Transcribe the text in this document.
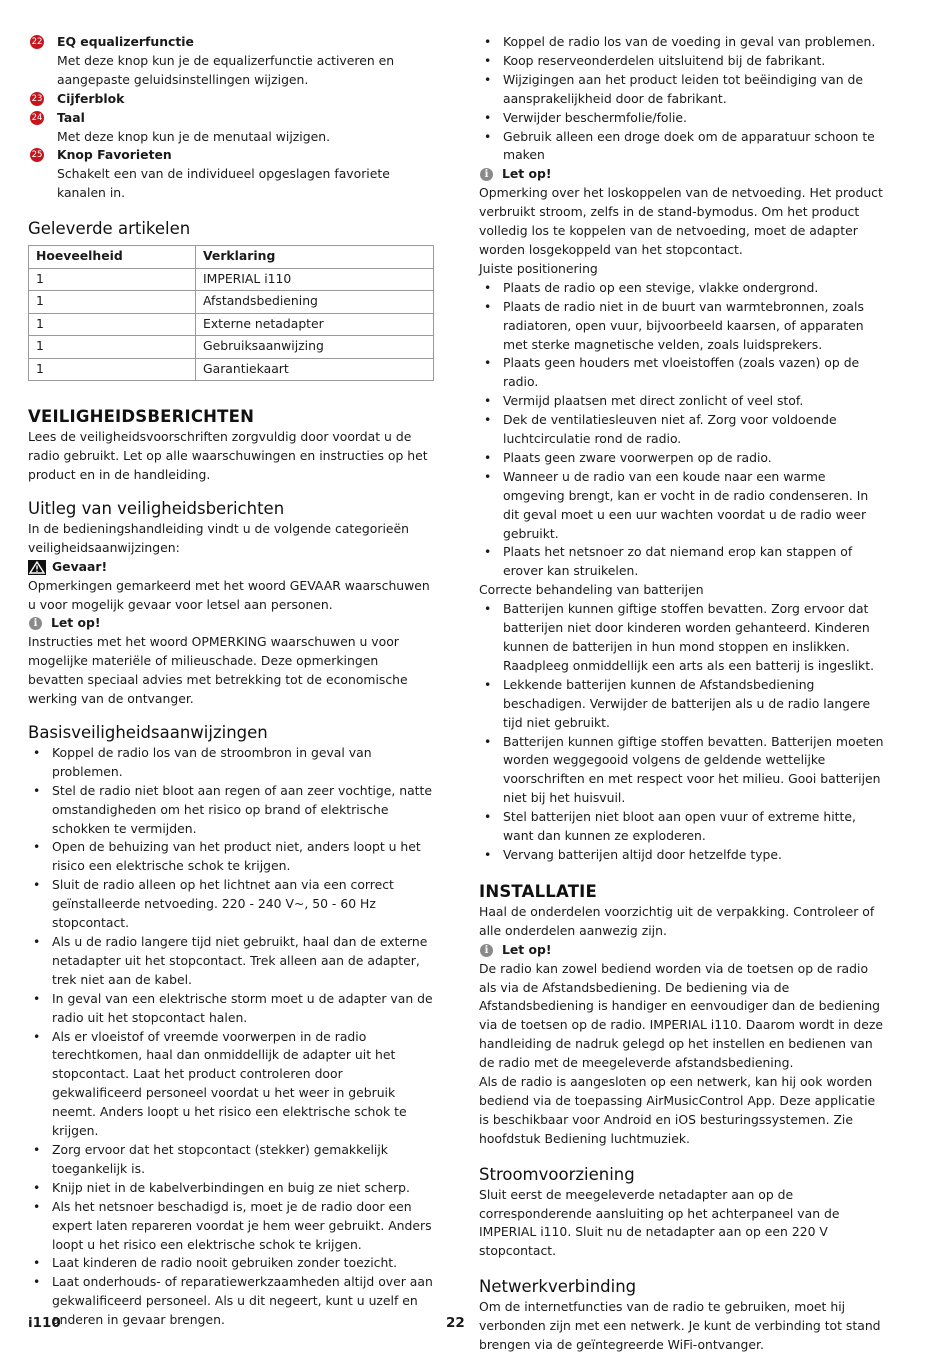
22 EQ equalizerfunctie

Met deze knop kun je de equalizerfunctie activeren en aangepaste geluidsinstellingen wijzigen.

23 Cijferblok

24 Taal

Met deze knop kun je de menutaal wijzigen.

25 Knop Favorieten

Schakelt een van de individueel opgeslagen favoriete kanalen in.

Geleverde artikelen
Hoeveelheid	Verklaring
1	IMPERIAL i110
1	Afstandsbediening
1	Externe netadapter
1	Gebruiksaanwijzing
1	Garantiekaart
VEILIGHEIDSBERICHTEN

Lees de veiligheidsvoorschriften zorgvuldig door voordat u de radio gebruikt. Let op alle waarschuwingen en instructies op het product en in de handleiding.

Uitleg van veiligheidsberichten

In de bedieningshandleiding vindt u de volgende categorieën veiligheidsaanwijzingen:

Gevaar!

Opmerkingen gemarkeerd met het woord GEVAAR waarschuwen u voor mogelijk gevaar voor letsel aan personen.

i	Let op!

Instructies met het woord OPMERKING waarschuwen u voor mogelijke materiële of milieuschade. Deze opmerkingen bevatten speciaal advies met betrekking tot de economische werking van de ontvanger.

Basisveiligheidsaanwijzingen
• Koppel de radio los van de stroombron in geval van problemen.
• Stel de radio niet bloot aan regen of aan zeer vochtige, natte omstandigheden om het risico op brand of elektrische schokken te vermijden.
• Open de behuizing van het product niet, anders loopt u het risico een elektrische schok te krijgen.
• Sluit de radio alleen op het lichtnet aan via een correct geïnstalleerde netvoeding. 220 - 240 V~, 50 - 60 Hz stopcontact.
• Als u de radio langere tijd niet gebruikt, haal dan de externe netadapter uit het stopcontact. Trek alleen aan de adapter, trek niet aan de kabel.
• In geval van een elektrische storm moet u de adapter van de radio uit het stopcontact halen.
• Als er vloeistof of vreemde voorwerpen in de radio terechtkomen, haal dan onmiddellijk de adapter uit het stopcontact. Laat het product controleren door gekwalificeerd personeel voordat u het weer in gebruik neemt. Anders loopt u het risico een elektrische schok te krijgen.
• Zorg ervoor dat het stopcontact (stekker) gemakkelijk toegankelijk is.
• Knijp niet in de kabelverbindingen en buig ze niet scherp.
• Als het netsnoer beschadigd is, moet je de radio door een expert laten repareren voordat je hem weer gebruikt. Anders loopt u het risico een elektrische schok te krijgen.
• Laat kinderen de radio nooit gebruiken zonder toezicht.
• Laat onderhouds- of reparatiewerkzaamheden altijd over aan gekwalificeerd personeel. Als u dit negeert, kunt u uzelf en anderen in gevaar brengen.
• Koppel de radio los van de voeding in geval van problemen.
• Koop reserveonderdelen uitsluitend bij de fabrikant.
• Wijzigingen aan het product leiden tot beëindiging van de aansprakelijkheid door de fabrikant.
• Verwijder beschermfolie/folie.
• Gebruik alleen een droge doek om de apparatuur schoon te maken

i	Let op!

Opmerking over het loskoppelen van de netvoeding. Het product verbruikt stroom, zelfs in de stand-bymodus. Om het product volledig los te koppelen van de netvoeding, moet de adapter worden losgekoppeld van het stopcontact.

Juiste positionering

• Plaats de radio op een stevige, vlakke ondergrond.
• Plaats de radio niet in de buurt van warmtebronnen, zoals radiatoren, open vuur, bijvoorbeeld kaarsen, of apparaten met sterke magnetische velden, zoals luidsprekers.
• Plaats geen houders met vloeistoffen (zoals vazen) op de radio.
• Vermijd plaatsen met direct zonlicht of veel stof.
• Dek de ventilatiesleuven niet af. Zorg voor voldoende luchtcirculatie rond de radio.
• Plaats geen zware voorwerpen op de radio.
• Wanneer u de radio van een koude naar een warme omgeving brengt, kan er vocht in de radio condenseren. In dit geval moet u een uur wachten voordat u de radio weer gebruikt.
• Plaats het netsnoer zo dat niemand erop kan stappen of erover kan struikelen.

Correcte behandeling van batterijen

• Batterijen kunnen giftige stoffen bevatten. Zorg ervoor dat batterijen niet door kinderen worden gehanteerd. Kinderen kunnen de batterijen in hun mond stoppen en inslikken. Raadpleeg onmiddellijk een arts als een batterij is ingeslikt.
• Lekkende batterijen kunnen de Afstandsbediening beschadigen. Verwijder de batterijen als u de radio langere tijd niet gebruikt.
• Batterijen kunnen giftige stoffen bevatten. Batterijen moeten worden weggegooid volgens de geldende wettelijke voorschriften en met respect voor het milieu. Gooi batterijen niet bij het huisvuil.
• Stel batterijen niet bloot aan open vuur of extreme hitte, want dan kunnen ze exploderen.
• Vervang batterijen altijd door hetzelfde type.
INSTALLATIE

Haal de onderdelen voorzichtig uit de verpakking. Controleer of alle onderdelen aanwezig zijn.

i	Let op!

De radio kan zowel bediend worden via de toetsen op de radio als via de Afstandsbediening. De bediening via de Afstandsbediening is handiger en eenvoudiger dan de bediening via de toetsen op de radio. IMPERIAL i110. Daarom wordt in deze handleiding de nadruk gelegd op het instellen en bedienen van de radio met de meegeleverde afstandsbediening.

Als de radio is aangesloten op een netwerk, kan hij ook worden bediend via de toepassing AirMusicControl App. Deze applicatie is beschikbaar voor Android en iOS besturingssystemen. Zie hoofdstuk Bediening luchtmuziek.

Stroomvoorziening

Sluit eerst de meegeleverde netadapter aan op de corresponderende aansluiting op het achterpaneel van de IMPERIAL i110. Sluit nu de netadapter aan op een 220 V stopcontact.

Netwerkverbinding

Om de internetfuncties van de radio te gebruiken, moet hij verbonden zijn met een netwerk. Je kunt de verbinding tot stand brengen via de geïntegreerde WiFi-ontvanger.

i110	22
